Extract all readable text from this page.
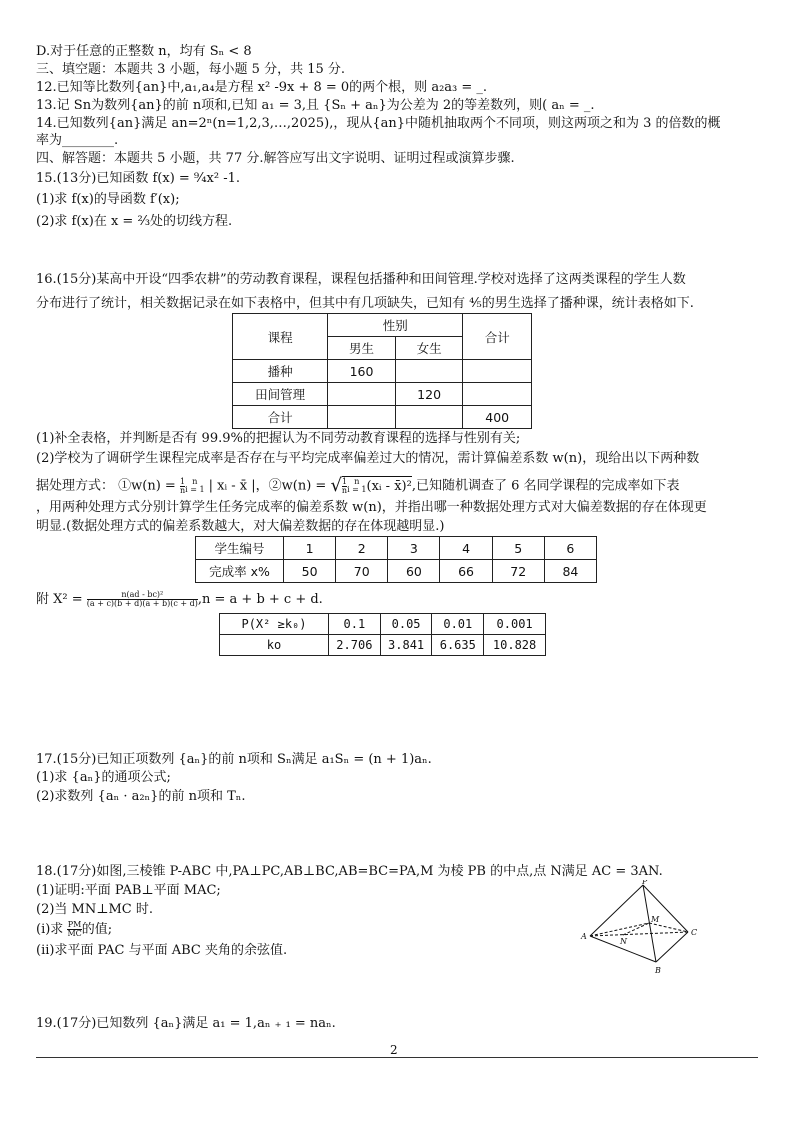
D.对于任意的正整数 n，均有 Sₙ < 8
三、填空题：本题共 3 小题，每小题 5 分，共 15 分.
12.已知等比数列{an}中,a₁,a₄是方程 x² -9x + 8 = 0的两个根，则 a₂a₃ = _.
13.记 Sn为数列{an}的前 n项和,已知 a₁ = 3,且 {Sₙ + aₙ}为公差为 2的等差数列，则( aₙ = _.
14.已知数列{an}满足 an=2ⁿ(n=1,2,3,…,2025),，现从{an}中随机抽取两个不同项，则这两项之和为 3 的倍数的概
率为________.
四、解答题：本题共 5 小题，共 77 分.解答应写出文字说明、证明过程或演算步骤.
15.(13分)已知函数 f(x) = ⁹⁄₄x² -1.
(1)求 f(x)的导函数 f′(x);
(2)求 f(x)在 x = ²⁄₃处的切线方程.
16.(15分)某高中开设“四季农耕”的劳动教育课程，课程包括播种和田间管理.学校对选择了这两类课程的学生人数
分布进行了统计，相关数据记录在如下表格中，但其中有几项缺失，已知有 ⁴⁄₅的男生选择了播种课，统计表格如下.
课程	性别		合计
	男生	女生	
播种	160		
田间管理		120	
合计			400
(1)补全表格，并判断是否有 99.9%的把握认为不同劳动教育课程的选择与性别有关;
(2)学校为了调研学生课程完成率是否存在与平均完成率偏差过大的情况，需计算偏差系数 w(n)，现给出以下两种数
据处理方式： ①w(n) = $\frac{1}{n}$ n
i = 1 | xᵢ - x̄ |，②w(n) = √ $\frac{1}{n}$ n
i = 1 (xᵢ - x̄)²,已知随机调查了 6 名同学课程的完成率如下表
，用两种处理方式分别计算学生任务完成率的偏差系数 w(n)，并指出哪一种数据处理方式对大偏差数据的存在体现更
明显.(数据处理方式的偏差系数越大，对大偏差数据的存在体现越明显.)
学生编号	1	2	3	4	5	6
完成率 x%	50	70	60	66	72	84
附 $X^2 = \frac{\text{n(ad - bc)²}}{(a + c)(b + d)(a + b)(c + d)} ,n = a + b + c + d$.
P(X² ≥k₀)	0.1	0.05	0.01	0.001
ko	2.706	3.841	6.635	10.828
17.(15分)已知正项数列 {aₙ}的前 n项和 Sₙ满足 a₁Sₙ = (n + 1)aₙ.
(1)求 {aₙ}的通项公式;
(2)求数列 {aₙ · a₂ₙ}的前 n项和 Tₙ.
18.(17分)如图,三棱锥 P-ABC 中,PA⊥PC,AB⊥BC,AB=BC=PA,M 为棱 PB 的中点,点 N满足 AC = 3AN.
(1)证明:平面 PAB⊥平面 MAC;
(2)当 MN⊥MC 时.
(i)求 $\frac{PM}{MC}$ 的值;
(ii)求平面 PAC 与平面 ABC 夹角的余弦值.
P
A
B
C
M
N
19.(17分)已知数列 {aₙ}满足 a₁ = 1,aₙ ₊ ₁ = naₙ.
2
